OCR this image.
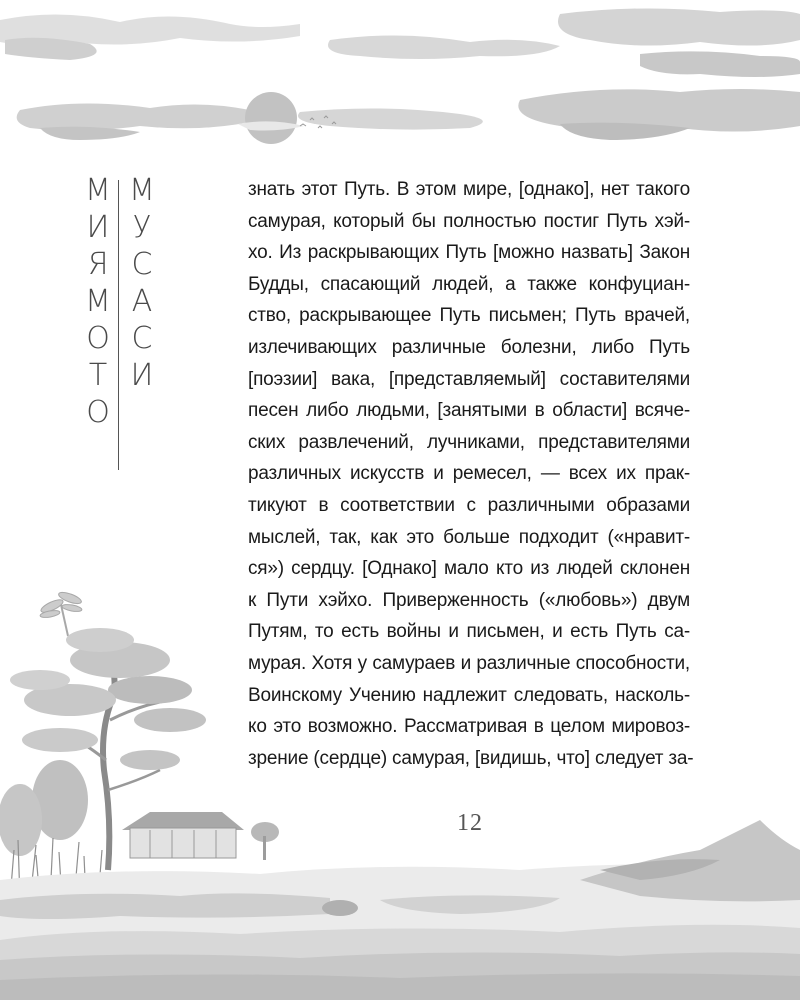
М
И
Я
М
О
Т
О
М
У
С
А
С
И
знать этот Путь. В этом мире, [однако], нет такого
самурая, который бы полностью постиг Путь хэй-
хо. Из раскрывающих Путь [можно назвать] Закон
Будды, спасающий людей, а также конфуциан-
ство, раскрывающее Путь письмен; Путь врачей,
излечивающих различные болезни, либо Путь
[поэзии] вака, [представляемый] составителями
песен либо людьми, [занятыми в области] всяче-
ских развлечений, лучниками, представителями
различных искусств и ремесел, — всех их прак-
тикуют в соответствии с различными образами
мыслей, так, как это больше подходит («нравит-
ся») сердцу. [Однако] мало кто из людей склонен
к Пути хэйхо. Приверженность («любовь») двум
Путям, то есть войны и письмен, и есть Путь са-
мурая. Хотя у самураев и различные способности,
Воинскому Учению надлежит следовать, насколь-
ко это возможно. Рассматривая в целом мировоз-
зрение (сердце) самурая, [видишь, что] следует за-
12
